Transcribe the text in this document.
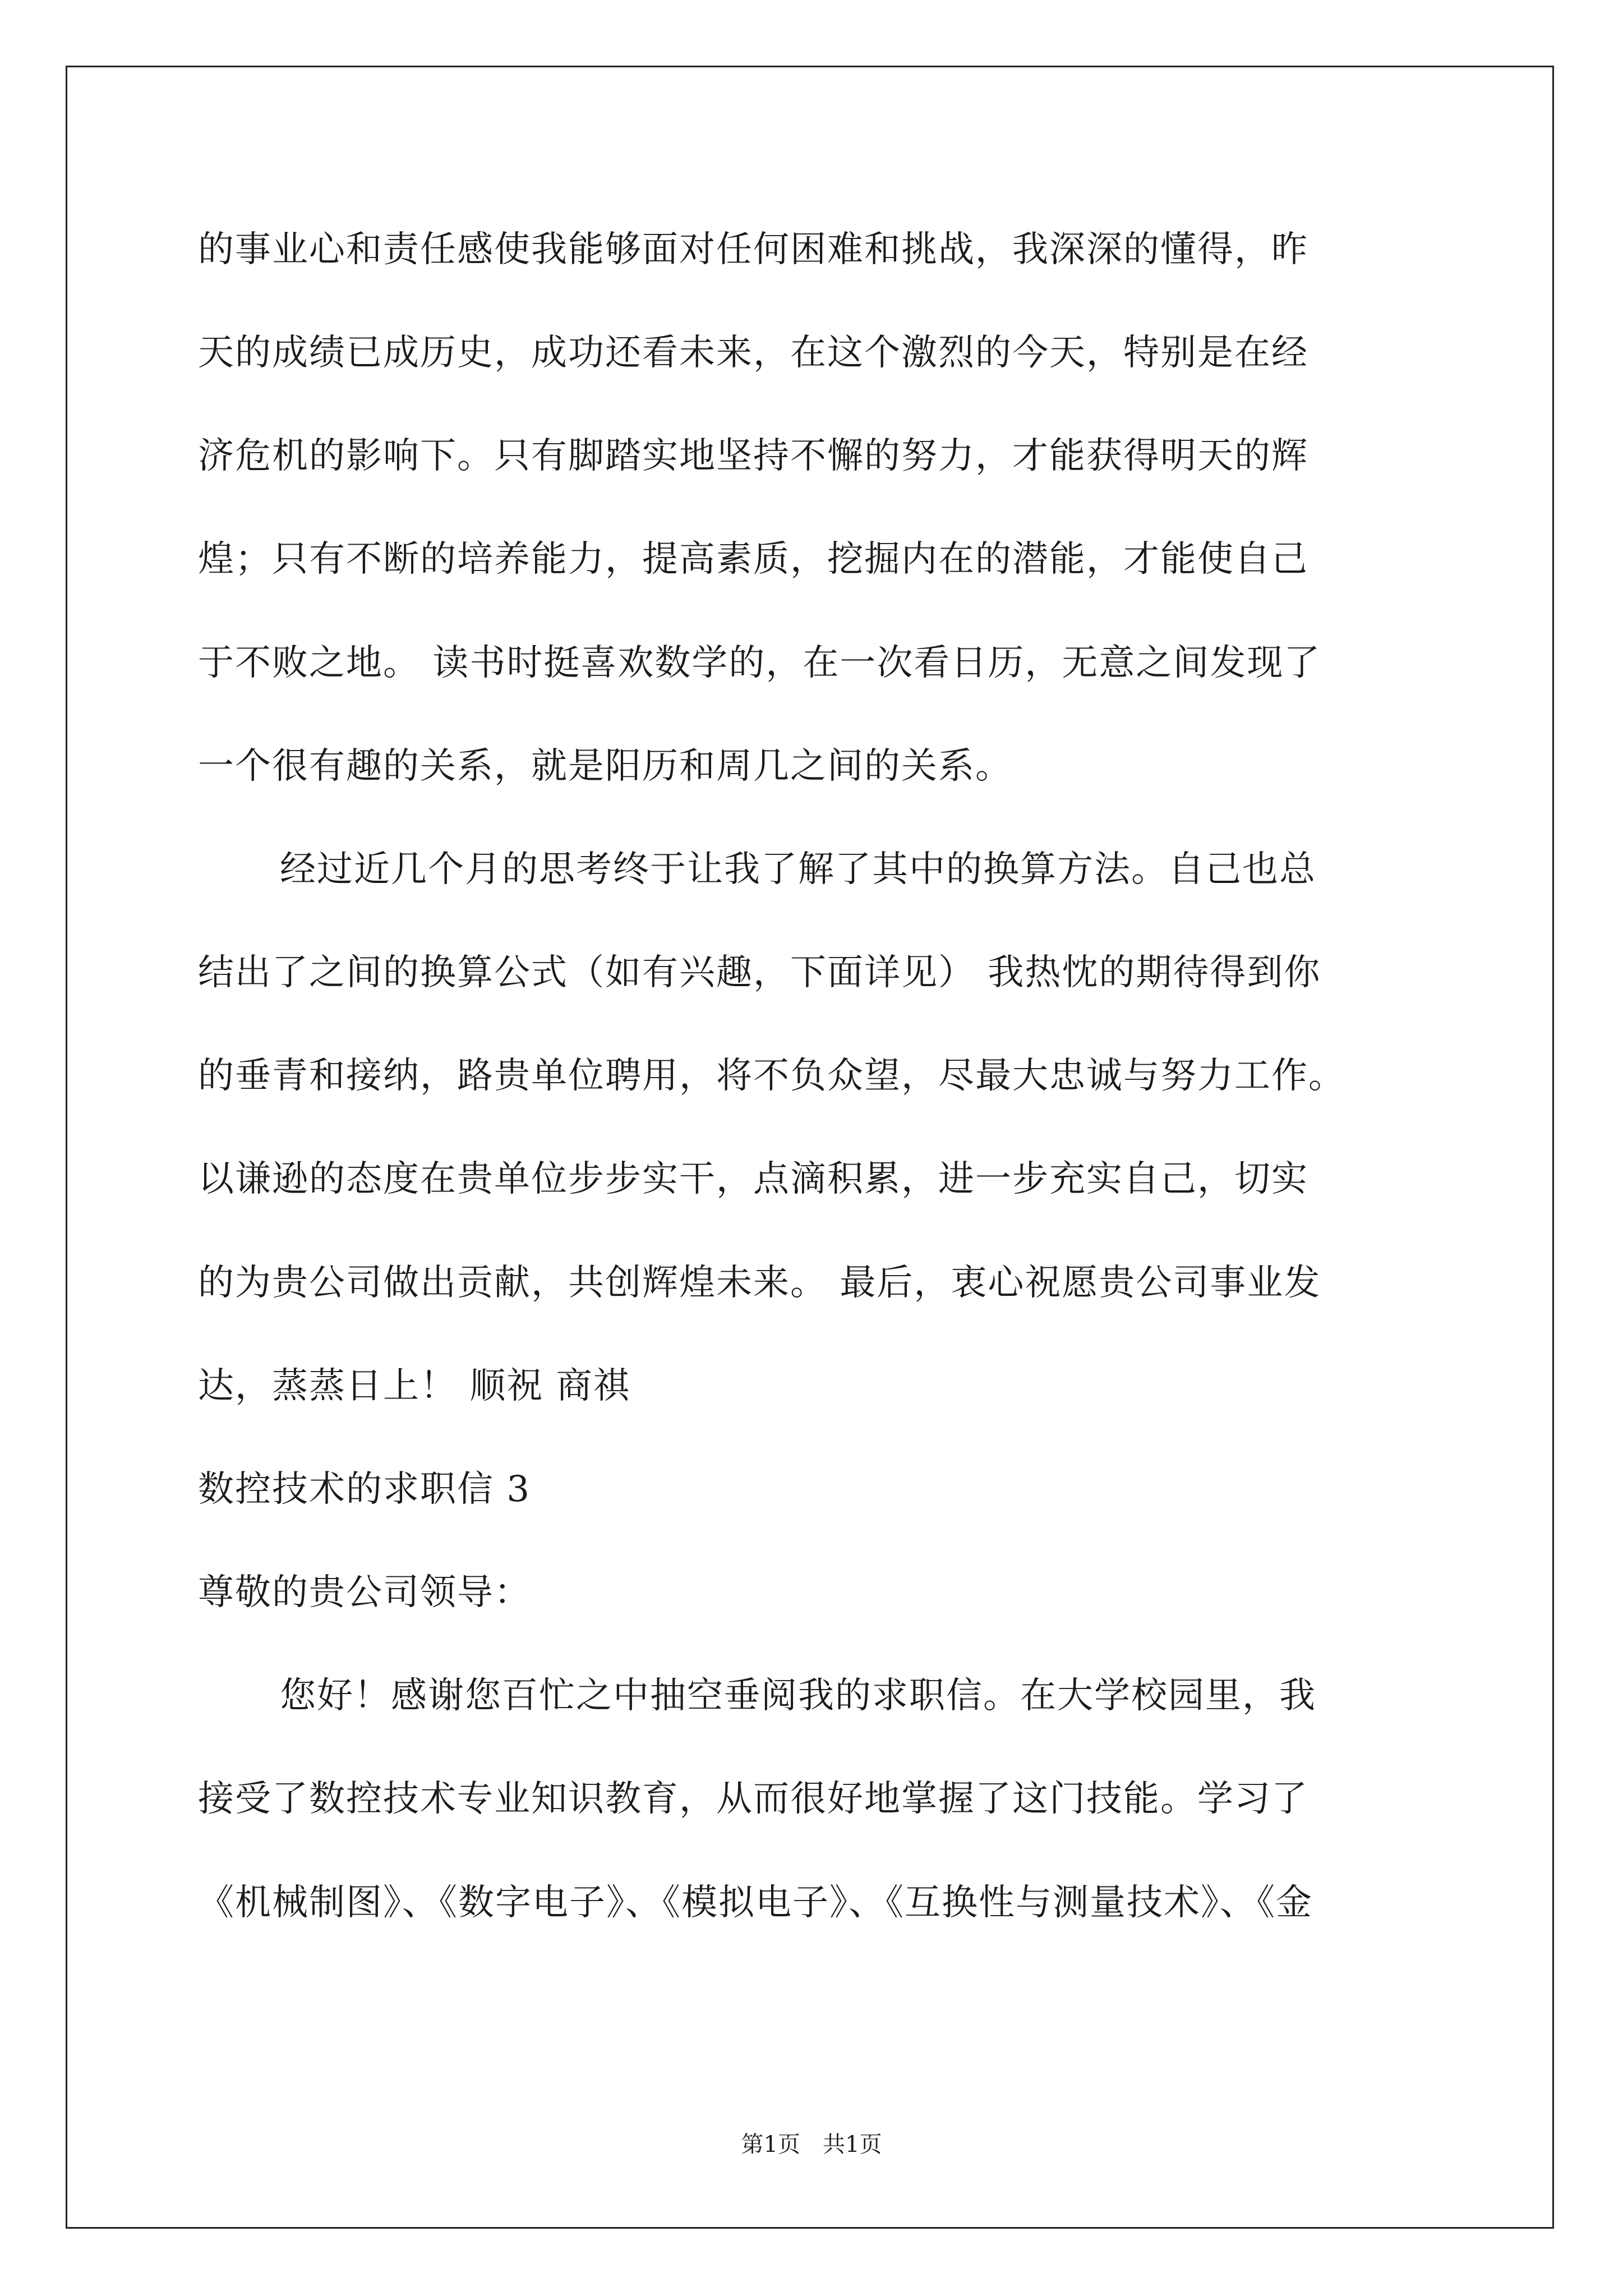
的事业心和责任感使我能够面对任何困难和挑战，我深深的懂得，昨
天的成绩已成历史，成功还看未来，在这个激烈的今天，特别是在经
济危机的影响下。只有脚踏实地坚持不懈的努力，才能获得明天的辉
煌；只有不断的培养能力，提高素质，挖掘内在的潜能，才能使自己
于不败之地。 读书时挺喜欢数学的，在一次看日历，无意之间发现了
一个很有趣的关系，就是阳历和周几之间的关系。
经过近几个月的思考终于让我了解了其中的换算方法。自己也总
结出了之间的换算公式（如有兴趣，下面详见） 我热忱的期待得到你
的垂青和接纳，路贵单位聘用，将不负众望，尽最大忠诚与努力工作。
以谦逊的态度在贵单位步步实干，点滴积累，进一步充实自己，切实
的为贵公司做出贡献，共创辉煌未来。 最后，衷心祝愿贵公司事业发
达，蒸蒸日上！ 顺祝 商祺
数控技术的求职信 3
尊敬的贵公司领导：
您好！感谢您百忙之中抽空垂阅我的求职信。在大学校园里，我
接受了数控技术专业知识教育，从而很好地掌握了这门技能。学习了
《机械制图》、《数字电子》、《模拟电子》、《互换性与测量技术》、《金
第1页 共1页
